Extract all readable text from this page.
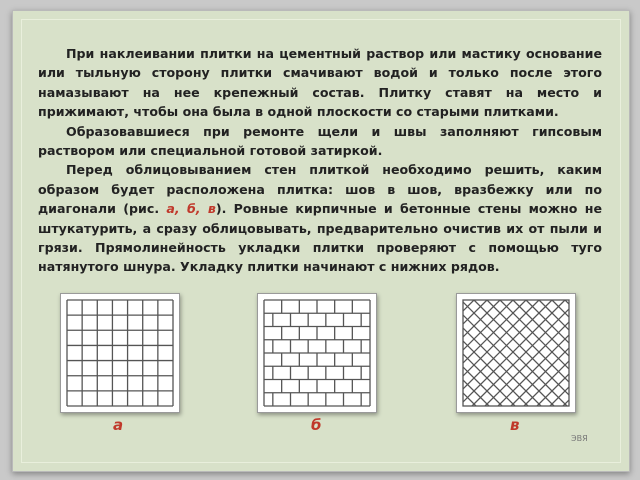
При наклеивании плитки на цементный раствор или мастику основание или тыльную сторону плитки смачивают водой и только после этого намазывают на нее крепежный состав. Плитку ставят на место и прижимают, чтобы она была в одной плоскости со старыми плитками.

Образовавшиеся при ремонте щели и швы заполняют гипсовым раствором или специальной готовой затиркой.

Перед облицовыванием стен плиткой необходимо решить, каким образом будет расположена плитка: шов в шов, вразбежку или по диагонали (рис. а, б, в). Ровные кирпичные и бетонные стены можно не штукатурить, а сразу облицовывать, предварительно очистив их от пыли и грязи. Прямолинейность укладки плитки проверяют с помощью туго натянутого шнура. Укладку плитки начинают с нижних рядов.

а	б	в
ЭВЯ
